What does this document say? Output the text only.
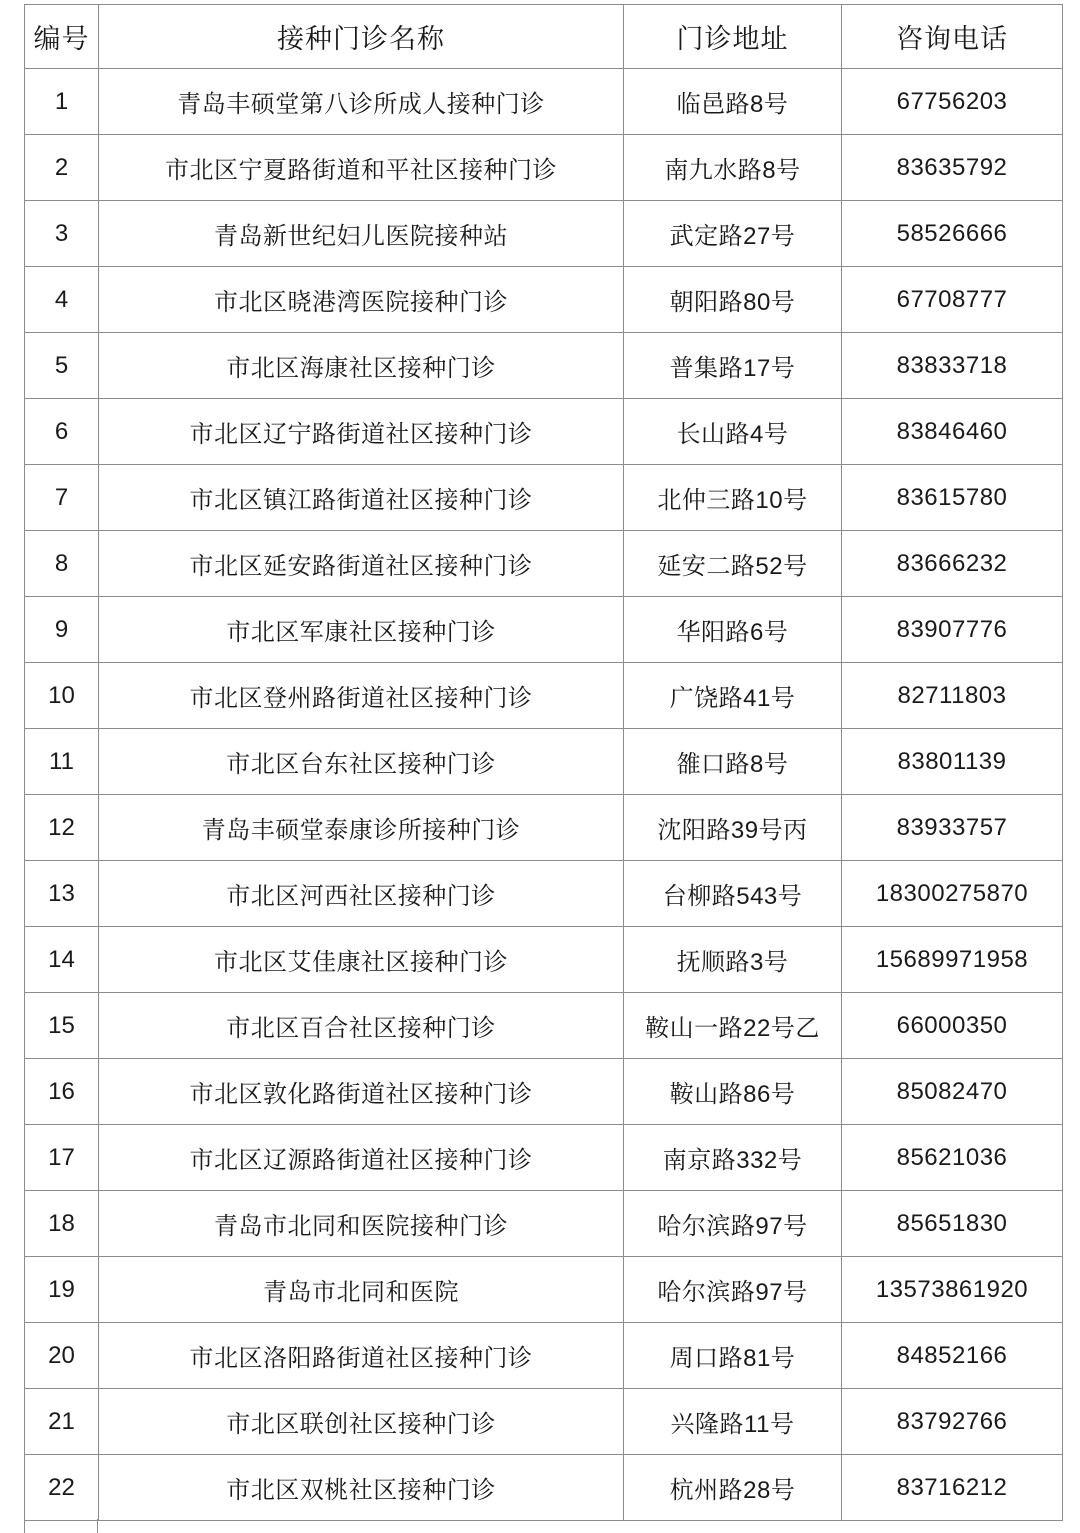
编号	接种门诊名称	门诊地址	咨询电话
1	青岛丰硕堂第八诊所成人接种门诊	临邑路8号	67756203
2	市北区宁夏路街道和平社区接种门诊	南九水路8号	83635792
3	青岛新世纪妇儿医院接种站	武定路27号	58526666
4	市北区晓港湾医院接种门诊	朝阳路80号	67708777
5	市北区海康社区接种门诊	普集路17号	83833718
6	市北区辽宁路街道社区接种门诊	长山路4号	83846460
7	市北区镇江路街道社区接种门诊	北仲三路10号	83615780
8	市北区延安路街道社区接种门诊	延安二路52号	83666232
9	市北区军康社区接种门诊	华阳路6号	83907776
10	市北区登州路街道社区接种门诊	广饶路41号	82711803
11	市北区台东社区接种门诊	雒口路8号	83801139
12	青岛丰硕堂泰康诊所接种门诊	沈阳路39号丙	83933757
13	市北区河西社区接种门诊	台柳路543号	18300275870
14	市北区艾佳康社区接种门诊	抚顺路3号	15689971958
15	市北区百合社区接种门诊	鞍山一路22号乙	66000350
16	市北区敦化路街道社区接种门诊	鞍山路86号	85082470
17	市北区辽源路街道社区接种门诊	南京路332号	85621036
18	青岛市北同和医院接种门诊	哈尔滨路97号	85651830
19	青岛市北同和医院	哈尔滨路97号	13573861920
20	市北区洛阳路街道社区接种门诊	周口路81号	84852166
21	市北区联创社区接种门诊	兴隆路11号	83792766
22	市北区双桃社区接种门诊	杭州路28号	83716212
